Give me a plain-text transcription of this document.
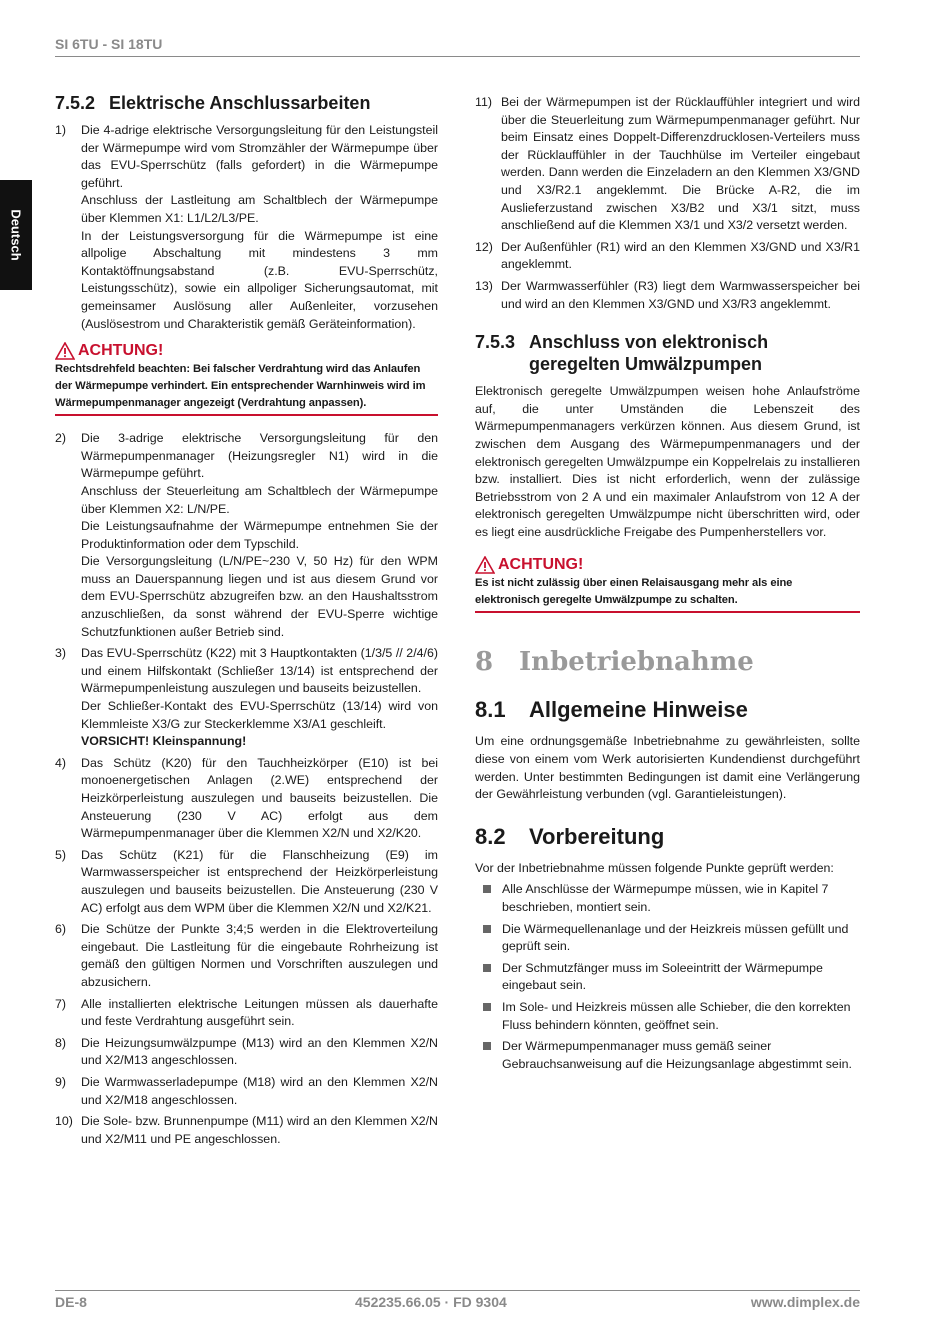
SI 6TU - SI 18TU
Deutsch
7.5.2 Elektrische Anschlussarbeiten
1) Die 4-adrige elektrische Versorgungsleitung für den Leistungsteil der Wärmepumpe wird vom Stromzähler der Wärmepumpe über das EVU-Sperrschütz (falls gefordert) in die Wärmepumpe geführt.

Anschluss der Lastleitung am Schaltblech der Wärmepumpe über Klemmen X1: L1/L2/L3/PE.

In der Leistungsversorgung für die Wärmepumpe ist eine allpolige Abschaltung mit mindestens 3 mm Kontaktöffnungsabstand (z.B. EVU-Sperrschütz, Leistungsschütz), sowie ein allpoliger Sicherungsautomat, mit gemeinsamer Auslösung aller Außenleiter, vorzusehen (Auslösestrom und Charakteristik gemäß Geräteinformation).

ACHTUNG!
Rechtsdrehfeld beachten: Bei falscher Verdrahtung wird das Anlaufen der Wärmepumpe verhindert. Ein entsprechender Warnhinweis wird im Wärmepumpenmanager angezeigt (Verdrahtung anpassen).
2) Die 3-adrige elektrische Versorgungsleitung für den Wärmepumpenmanager (Heizungsregler N1) wird in die Wärmepumpe geführt.

Anschluss der Steuerleitung am Schaltblech der Wärmepumpe über Klemmen X2: L/N/PE.

Die Leistungsaufnahme der Wärmepumpe entnehmen Sie der Produktinformation oder dem Typschild.

Die Versorgungsleitung (L/N/PE~230 V, 50 Hz) für den WPM muss an Dauerspannung liegen und ist aus diesem Grund vor dem EVU-Sperrschütz abzugreifen bzw. an den Haushaltsstrom anzuschließen, da sonst während der EVU-Sperre wichtige Schutzfunktionen außer Betrieb sind.

3) Das EVU-Sperrschütz (K22) mit 3 Hauptkontakten (1/3/5 // 2/4/6) und einem Hilfskontakt (Schließer 13/14) ist entsprechend der Wärmepumpenleistung auszulegen und bauseits beizustellen.

Der Schließer-Kontakt des EVU-Sperrschütz (13/14) wird von Klemmleiste X3/G zur Steckerklemme X3/A1 geschleift.

VORSICHT! Kleinspannung!

4) Das Schütz (K20) für den Tauchheizkörper (E10) ist bei monoenergetischen Anlagen (2.WE) entsprechend der Heizkörperleistung auszulegen und bauseits beizustellen. Die Ansteuerung (230 V AC) erfolgt aus dem Wärmepumpenmanager über die Klemmen X2/N und X2/K20.

5) Das Schütz (K21) für die Flanschheizung (E9) im Warmwasserspeicher ist entsprechend der Heizkörperleistung auszulegen und bauseits beizustellen. Die Ansteuerung (230 V AC) erfolgt aus dem WPM über die Klemmen X2/N und X2/K21.

6) Die Schütze der Punkte 3;4;5 werden in die Elektroverteilung eingebaut. Die Lastleitung für die eingebaute Rohrheizung ist gemäß den gültigen Normen und Vorschriften auszulegen und abzusichern.

7) Alle installierten elektrische Leitungen müssen als dauerhafte und feste Verdrahtung ausgeführt sein.

8) Die Heizungsumwälzpumpe (M13) wird an den Klemmen X2/N und X2/M13 angeschlossen.

9) Die Warmwasserladepumpe (M18) wird an den Klemmen X2/N und X2/M18 angeschlossen.

10) Die Sole- bzw. Brunnenpumpe (M11) wird an den Klemmen X2/N und X2/M11 und PE angeschlossen.

11) Bei der Wärmepumpen ist der Rücklauffühler integriert und wird über die Steuerleitung zum Wärmepumpenmanager geführt. Nur beim Einsatz eines Doppelt-Differenzdrucklosen-Verteilers muss der Rücklauffühler in der Tauchhülse im Verteiler eingebaut werden. Dann werden die Einzeladern an den Klemmen X3/GND und X3/R2.1 angeklemmt. Die Brücke A-R2, die im Auslieferzustand zwischen X3/B2 und X3/1 sitzt, muss anschließend auf die Klemmen X3/1 und X3/2 versetzt werden.

12) Der Außenfühler (R1) wird an den Klemmen X3/GND und X3/R1 angeklemmt.

13) Der Warmwasserfühler (R3) liegt dem Warmwasserspeicher bei und wird an den Klemmen X3/GND und X3/R3 angeklemmt.

7.5.3 Anschluss von elektronisch geregelten Umwälzpumpen

Elektronisch geregelte Umwälzpumpen weisen hohe Anlaufströme auf, die unter Umständen die Lebenszeit des Wärmepumpenmanagers verkürzen können. Aus diesem Grund, ist zwischen dem Ausgang des Wärmepumpenmanagers und der elektronisch geregelten Umwälzpumpe ein Koppelrelais zu installieren bzw. installiert. Dies ist nicht erforderlich, wenn der zulässige Betriebsstrom von 2 A und ein maximaler Anlaufstrom von 12 A der elektronisch geregelten Umwälzpumpe nicht überschritten wird, oder es liegt eine ausdrückliche Freigabe des Pumpenherstellers vor.

ACHTUNG!
Es ist nicht zulässig über einen Relaisausgang mehr als eine elektronisch geregelte Umwälzpumpe zu schalten.
8 Inbetriebnahme
8.1 Allgemeine Hinweise

Um eine ordnungsgemäße Inbetriebnahme zu gewährleisten, sollte diese von einem vom Werk autorisierten Kundendienst durchgeführt werden. Unter bestimmten Bedingungen ist damit eine Verlängerung der Gewährleistung verbunden (vgl. Garantieleistungen).

8.2 Vorbereitung

Vor der Inbetriebnahme müssen folgende Punkte geprüft werden:

Alle Anschlüsse der Wärmepumpe müssen, wie in Kapitel 7 beschrieben, montiert sein.
Die Wärmequellenanlage und der Heizkreis müssen gefüllt und geprüft sein.
Der Schmutzfänger muss im Soleeintritt der Wärmepumpe eingebaut sein.
Im Sole- und Heizkreis müssen alle Schieber, die den korrekten Fluss behindern könnten, geöffnet sein.
Der Wärmepumpenmanager muss gemäß seiner Gebrauchsanweisung auf die Heizungsanlage abgestimmt sein.
DE-8	452235.66.05 · FD 9304	www.dimplex.de
